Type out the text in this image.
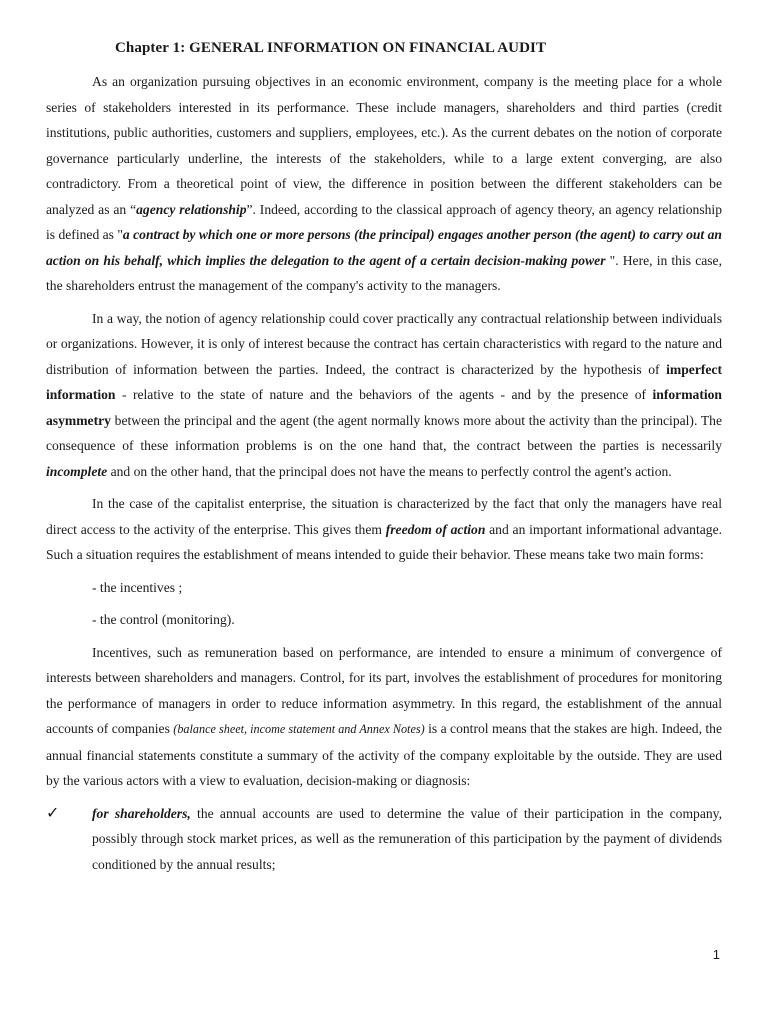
Chapter 1: GENERAL INFORMATION ON FINANCIAL AUDIT

As an organization pursuing objectives in an economic environment, company is the meeting place for a whole series of stakeholders interested in its performance. These include managers, shareholders and third parties (credit institutions, public authorities, customers and suppliers, employees, etc.). As the current debates on the notion of corporate governance particularly underline, the interests of the stakeholders, while to a large extent converging, are also contradictory. From a theoretical point of view, the difference in position between the different stakeholders can be analyzed as an “agency relationship”. Indeed, according to the classical approach of agency theory, an agency relationship is defined as "a contract by which one or more persons (the principal) engages another person (the agent) to carry out an action on his behalf, which implies the delegation to the agent of a certain decision-making power ". Here, in this case, the shareholders entrust the management of the company's activity to the managers.

In a way, the notion of agency relationship could cover practically any contractual relationship between individuals or organizations. However, it is only of interest because the contract has certain characteristics with regard to the nature and distribution of information between the parties. Indeed, the contract is characterized by the hypothesis of imperfect information - relative to the state of nature and the behaviors of the agents - and by the presence of information asymmetry between the principal and the agent (the agent normally knows more about the activity than the principal). The consequence of these information problems is on the one hand that, the contract between the parties is necessarily incomplete and on the other hand, that the principal does not have the means to perfectly control the agent's action.

In the case of the capitalist enterprise, the situation is characterized by the fact that only the managers have real direct access to the activity of the enterprise. This gives them freedom of action and an important informational advantage. Such a situation requires the establishment of means intended to guide their behavior. These means take two main forms:

- the incentives ;

- the control (monitoring).

Incentives, such as remuneration based on performance, are intended to ensure a minimum of convergence of interests between shareholders and managers. Control, for its part, involves the establishment of procedures for monitoring the performance of managers in order to reduce information asymmetry. In this regard, the establishment of the annual accounts of companies (balance sheet, income statement and Annex Notes) is a control means that the stakes are high. Indeed, the annual financial statements constitute a summary of the activity of the company exploitable by the outside. They are used by the various actors with a view to evaluation, decision-making or diagnosis:

✓	for shareholders, the annual accounts are used to determine the value of their participation in the company, possibly through stock market prices, as well as the remuneration of this participation by the payment of dividends conditioned by the annual results;
1
